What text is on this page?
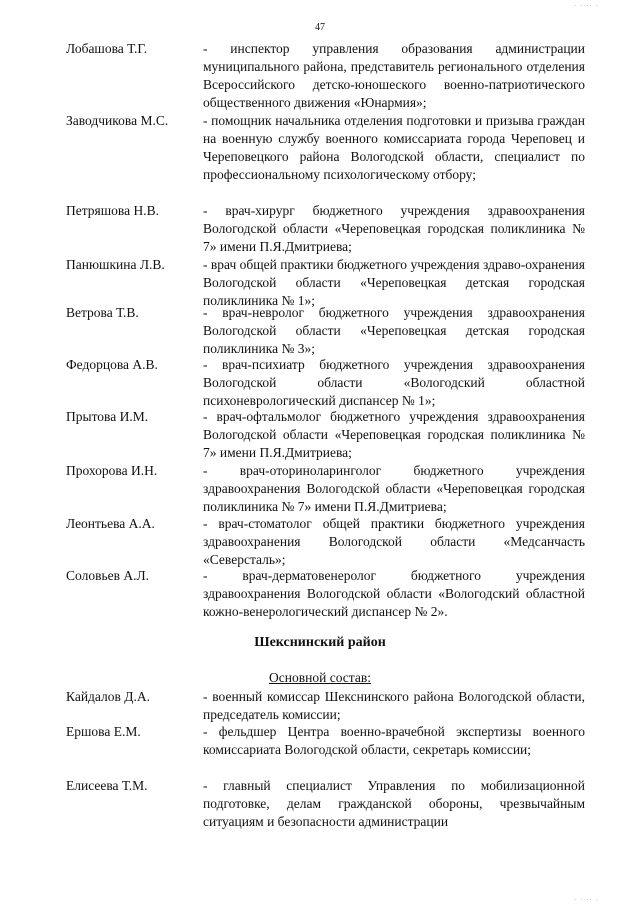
47
Лобашова Т.Г.	- инспектор управления образования администрации муниципального района, представитель регионального отделения Всероссийского детско-юношеского военно-патриотического общественного движения «Юнармия»;
Заводчикова М.С.	- помощник начальника отделения подготовки и призыва граждан на военную службу военного комиссариата города Череповец и Череповецкого района Вологодской области, специалист по профессиональному психологическому отбору;
Петряшова Н.В.	- врач-хирург бюджетного учреждения здравоохранения Вологодской области «Череповецкая городская поликлиника № 7» имени П.Я.Дмитриева;
Панюшкина Л.В.	- врач общей практики бюджетного учреждения здраво-охранения Вологодской области «Череповецкая детская городская поликлиника № 1»;
Ветрова Т.В.	- врач-невролог бюджетного учреждения здравоохранения Вологодской области «Череповецкая детская городская поликлиника № 3»;
Федорцова А.В.	- врач-психиатр бюджетного учреждения здравоохранения Вологодской области «Вологодский областной психоневрологический диспансер № 1»;
Прытова И.М.	- врач-офтальмолог бюджетного учреждения здравоохранения Вологодской области «Череповецкая городская поликлиника № 7» имени П.Я.Дмитриева;
Прохорова И.Н.	- врач-оториноларинголог бюджетного учреждения здравоохранения Вологодской области «Череповецкая городская поликлиника № 7» имени П.Я.Дмитриева;
Леонтьева А.А.	- врач-стоматолог общей практики бюджетного учреждения здравоохранения Вологодской области «Медсанчасть «Северсталь»;
Соловьев А.Л.	- врач-дерматовенеролог бюджетного учреждения здравоохранения Вологодской области «Вологодский областной кожно-венерологический диспансер № 2».
Шекснинский район
Основной состав:
Кайдалов Д.А.	- военный комиссар Шекснинского района Вологодской области, председатель комиссии;
Ершова Е.М.	- фельдшер Центра военно-врачебной экспертизы военного комиссариата Вологодской области, секретарь комиссии;
Елисеева Т.М.	- главный специалист Управления по мобилизационной подготовке, делам гражданской обороны, чрезвычайным ситуациям и безопасности администрации
· · ·· ·
· · ·· ·
